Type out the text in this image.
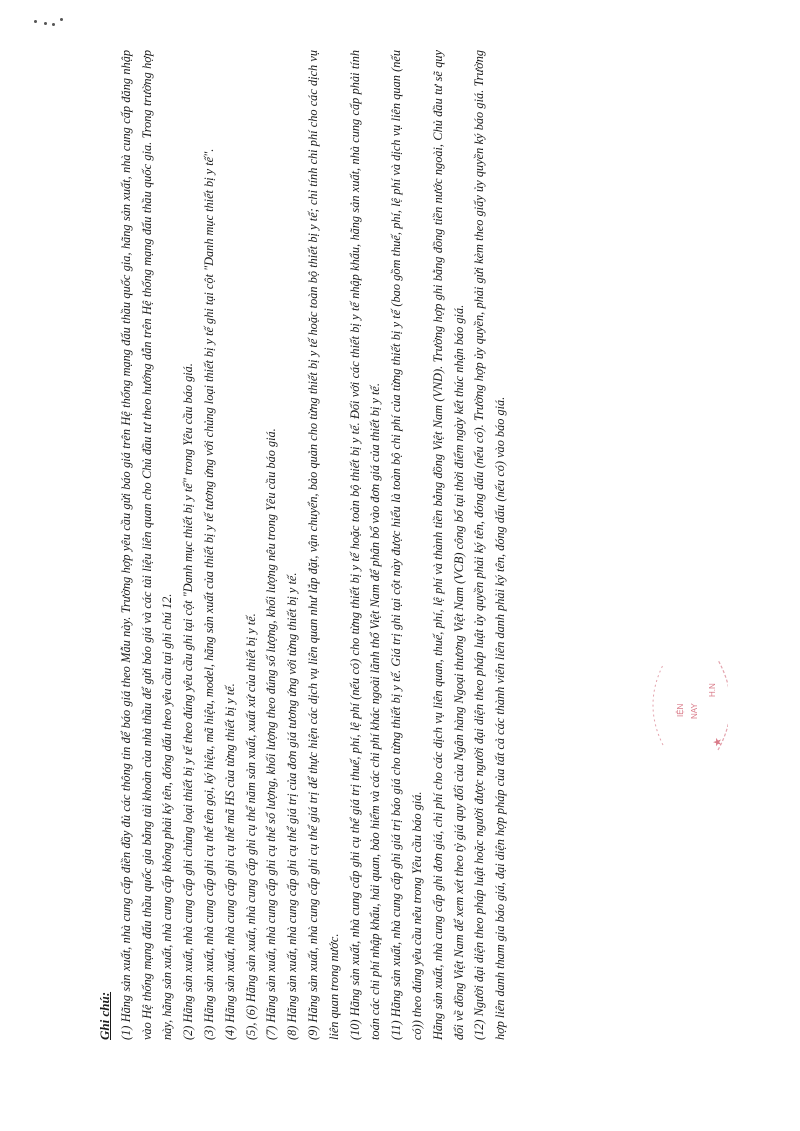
Ghi chú: (1) Hãng sản xuất, nhà cung cấp điền đầy đủ các thông tin để báo giá theo Mẫu này. Trường hợp yêu cầu gửi báo giá trên Hệ thống mạng đấu thầu quốc gia, hãng sản xuất, nhà cung cấp đăng nhập vào Hệ thống mạng đấu thầu quốc gia bằng tài khoản của nhà thầu để gửi báo giá và các tài liệu liên quan cho Chủ đầu tư theo hướng dẫn trên Hệ thống mạng đấu thầu quốc gia. Trong trường hợp này, hãng sản xuất, nhà cung cấp không phải ký tên, đóng dấu theo yêu cầu tại ghi chú 12. (2) Hãng sản xuất, nhà cung cấp ghi chủng loại thiết bị y tế theo đúng yêu cầu ghi tại cột "Danh mục thiết bị y tế" trong Yêu cầu báo giá. (3) Hãng sản xuất, nhà cung cấp ghi cụ thể tên gọi, ký hiệu, mã hiệu, model, hãng sản xuất của thiết bị y tế tương ứng với chủng loại thiết bị y tế ghi tại cột "Danh mục thiết bị y tế". (4) Hãng sản xuất, nhà cung cấp ghi cụ thể mã HS của từng thiết bị y tế. (5), (6) Hãng sản xuất, nhà cung cấp ghi cụ thể năm sản xuất, xuất xứ của thiết bị y tế. (7) Hãng sản xuất, nhà cung cấp ghi cụ thể số lượng, khối lượng theo đúng số lượng, khối lượng nêu trong Yêu cầu báo giá. (8) Hãng sản xuất, nhà cung cấp ghi cụ thể giá trị của đơn giá tương ứng với từng thiết bị y tế. (9) Hãng sản xuất, nhà cung cấp ghi cụ thể giá trị để thực hiện các dịch vụ liên quan như lắp đặt, vận chuyển, bảo quản cho từng thiết bị y tế hoặc toàn bộ thiết bị y tế; chỉ tính chi phí cho các dịch vụ liên quan trong nước. (10) Hãng sản xuất, nhà cung cấp ghi cụ thể giá trị thuế, phí, lệ phí (nếu có) cho từng thiết bị y tế hoặc toàn bộ thiết bị y tế. Đối với các thiết bị y tế nhập khẩu, hãng sản xuất, nhà cung cấp phải tính toán các chi phí nhập khẩu, hải quan, bảo hiểm và các chi phí khác ngoài lãnh thổ Việt Nam để phân bổ vào đơn giá của thiết bị y tế. (11) Hãng sản xuất, nhà cung cấp ghi giá trị báo giá cho từng thiết bị y tế. Giá trị ghi tại cột này được hiểu là toàn bộ chi phí của từng thiết bị y tế (bao gồm thuế, phí, lệ phí và dịch vụ liên quan (nếu có)) theo đúng yêu cầu nêu trong Yêu cầu báo giá. Hãng sản xuất, nhà cung cấp ghi đơn giá, chi phí cho các dịch vụ liên quan, thuế, phí, lệ phí và thành tiền bằng đồng Việt Nam (VND). Trường hợp ghi bằng đồng tiền nước ngoài, Chủ đầu tư sẽ quy đổi về đồng Việt Nam để xem xét theo tỷ giá quy đổi của Ngân hàng Ngoại thương Việt Nam (VCB) công bố tại thời điểm ngày kết thúc nhận báo giá. (12) Người đại diện theo pháp luật hoặc người được người đại diện theo pháp luật ủy quyền phải ký tên, đóng dấu (nếu có). Trường hợp ủy quyền, phải gửi kèm theo giấy ủy quyền ký báo giá. Trường hợp liên danh tham gia báo giá, đại diện hợp pháp của tất cả các thành viên liên danh phải ký tên, đóng dấu (nếu có) vào báo giá.	IỆN NAY
H.N
★
